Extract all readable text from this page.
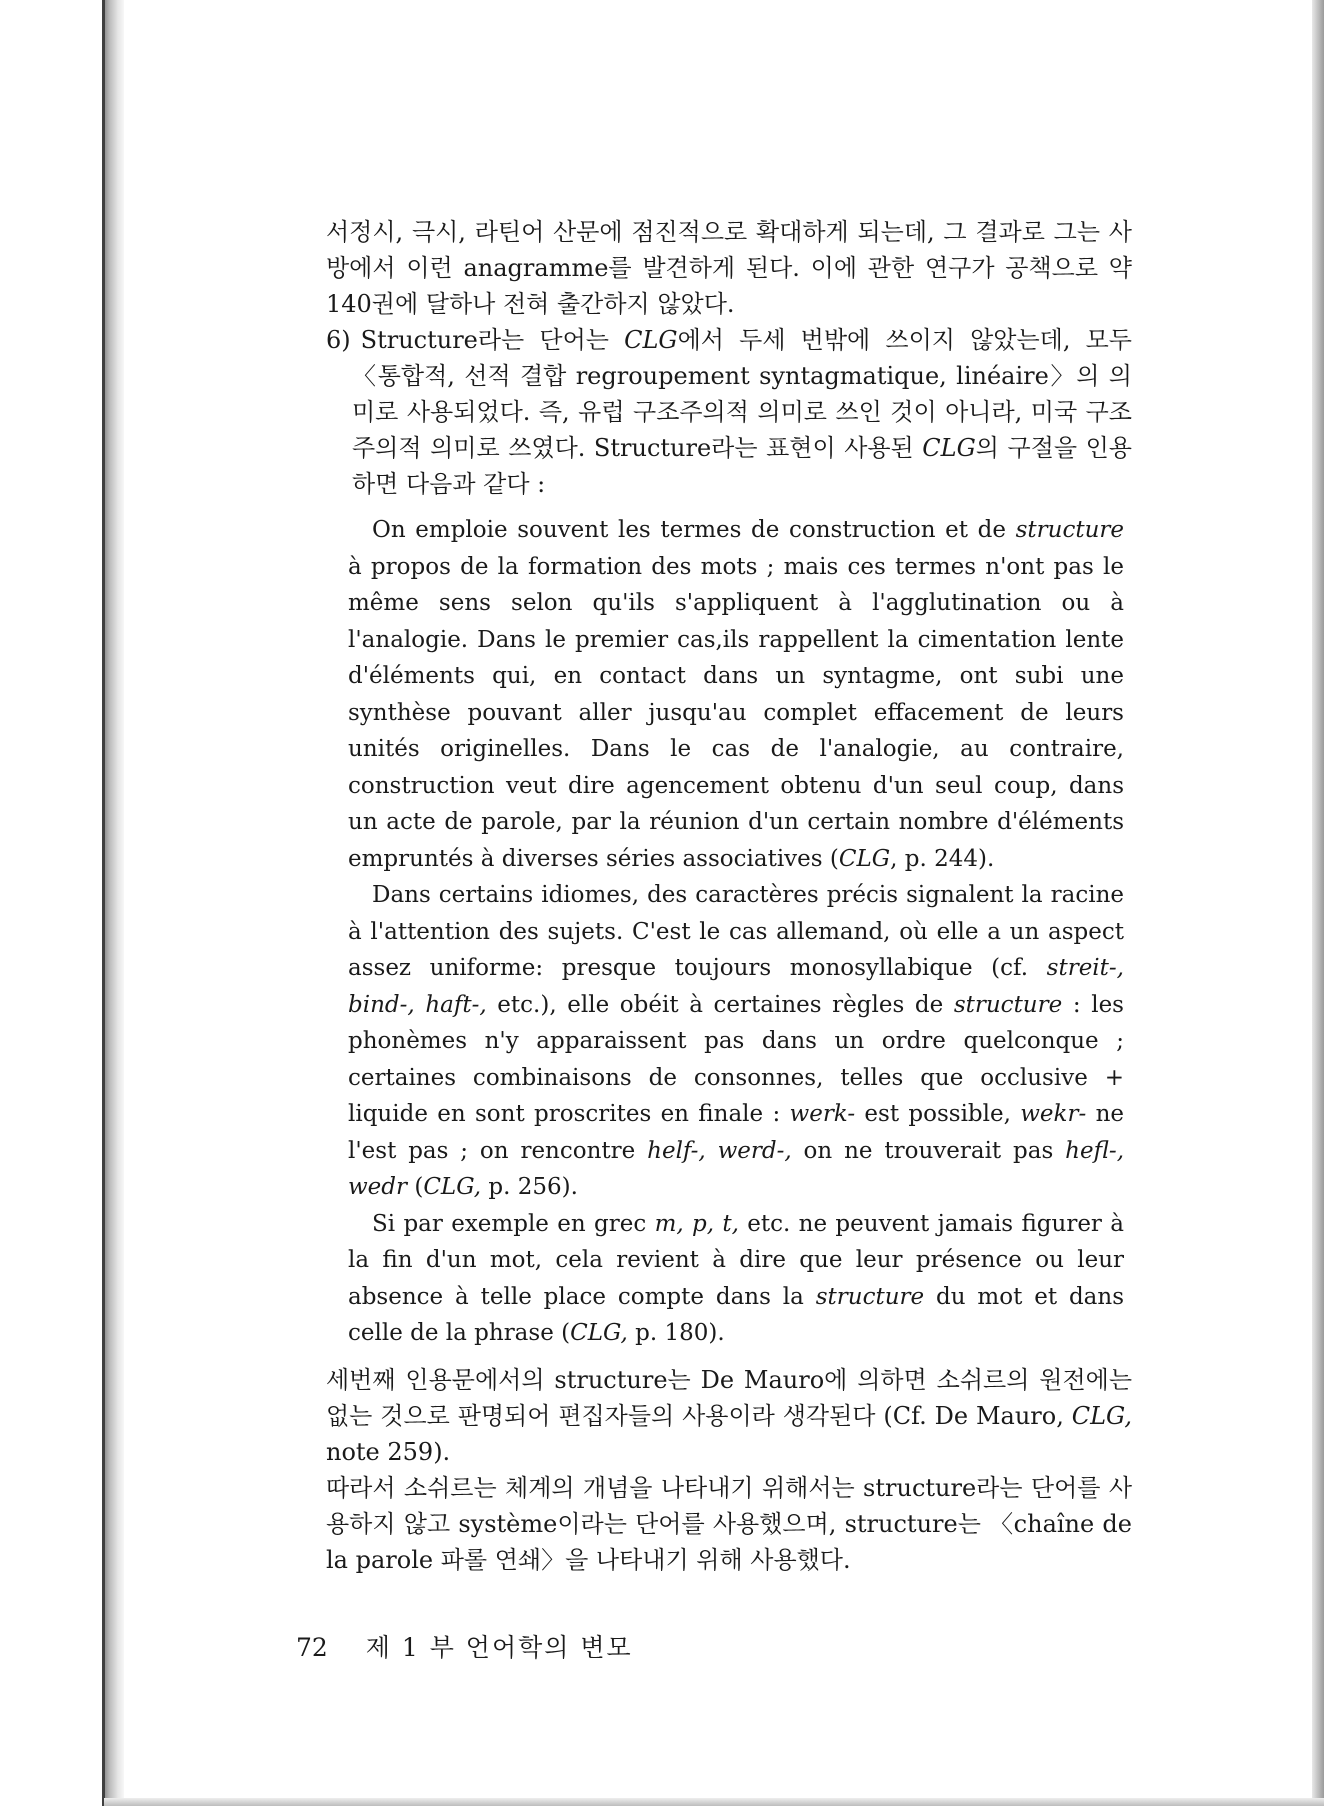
서정시, 극시, 라틴어 산문에 점진적으로 확대하게 되는데, 그 결과로 그는 사방에서 이런 anagramme를 발견하게 된다. 이에 관한 연구가 공책으로 약 140권에 달하나 전혀 출간하지 않았다.

6) Structure라는 단어는 CLG에서 두세 번밖에 쓰이지 않았는데, 모두 〈통합적, 선적 결합 regroupement syntagmatique, linéaire〉의 의미로 사용되었다. 즉, 유럽 구조주의적 의미로 쓰인 것이 아니라, 미국 구조주의적 의미로 쓰였다. Structure라는 표현이 사용된 CLG의 구절을 인용하면 다음과 같다 :

On emploie souvent les termes de construction et de structure à propos de la formation des mots ; mais ces termes n'ont pas le même sens selon qu'ils s'appliquent à l'agglutination ou à l'analogie. Dans le premier cas,ils rappellent la cimentation lente d'éléments qui, en contact dans un syntagme, ont subi une synthèse pouvant aller jusqu'au complet effacement de leurs unités originelles. Dans le cas de l'analogie, au contraire, construction veut dire agencement obtenu d'un seul coup, dans un acte de parole, par la réunion d'un certain nombre d'éléments empruntés à diverses séries associatives (CLG, p. 244).

Dans certains idiomes, des caractères précis signalent la racine à l'attention des sujets. C'est le cas allemand, où elle a un aspect assez uniforme: presque toujours monosyllabique (cf. streit-, bind-, haft-, etc.), elle obéit à certaines règles de structure : les phonèmes n'y apparaissent pas dans un ordre quelconque ; certaines combinaisons de consonnes, telles que occlusive + liquide en sont proscrites en finale : werk- est possible, wekr- ne l'est pas ; on rencontre helf-, werd-, on ne trouverait pas hefl-, wedr (CLG, p. 256).

Si par exemple en grec m, p, t, etc. ne peuvent jamais figurer à la fin d'un mot, cela revient à dire que leur présence ou leur absence à telle place compte dans la structure du mot et dans celle de la phrase (CLG, p. 180).

세번째 인용문에서의 structure는 De Mauro에 의하면 소쉬르의 원전에는 없는 것으로 판명되어 편집자들의 사용이라 생각된다 (Cf. De Mauro, CLG, note 259).

따라서 소쉬르는 체계의 개념을 나타내기 위해서는 structure라는 단어를 사용하지 않고 système이라는 단어를 사용했으며, structure는 〈chaîne de la parole 파롤 연쇄〉을 나타내기 위해 사용했다.

72 제 1 부 언어학의 변모
